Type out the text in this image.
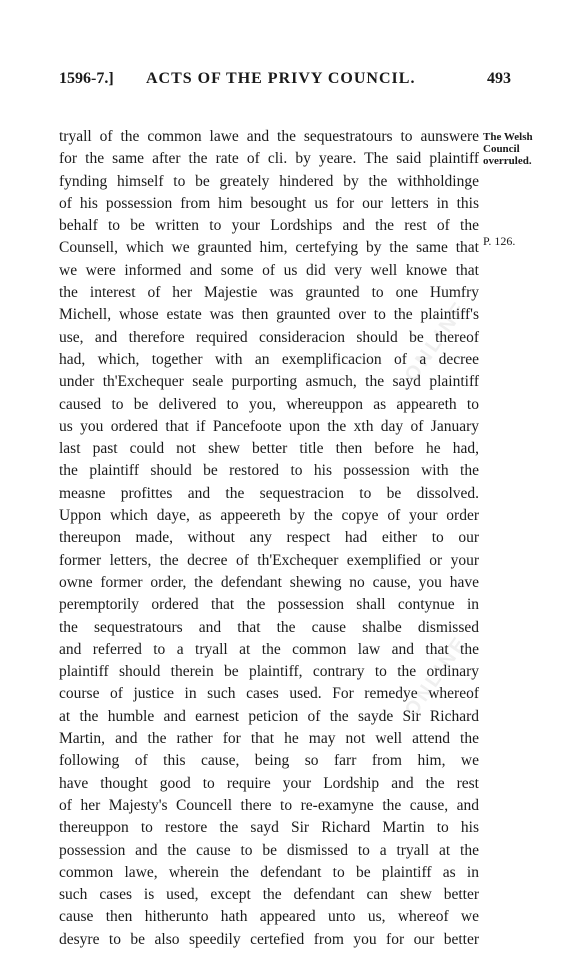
1596-7.] ACTS OF THE PRIVY COUNCIL.	493
ONLINE
ONLINE
The Welsh
Council
overruled.
P. 126.
tryall of the common lawe and the sequestratours to aunswere
for the same after the rate of cli. by yeare. The said plaintiff
fynding himself to be greately hindered by the withholdinge
of his possession from him besought us for our letters in this
behalf to be written to your Lordships and the rest of the
Counsell, which we graunted him, certefying by the same that
we were informed and some of us did very well knowe that
the interest of her Majestie was graunted to one Humfry
Michell, whose estate was then graunted over to the plaintiff's
use, and therefore required consideracion should be thereof
had, which, together with an exemplificacion of a decree
under th'Exchequer seale purporting asmuch, the sayd plaintiff
caused to be delivered to you, whereuppon as appeareth to
us you ordered that if Pancefoote upon the xth day of January
last past could not shew better title then before he had,
the plaintiff should be restored to his possession with the
measne profittes and the sequestracion to be dissolved.
Uppon which daye, as appeereth by the copye of your order
thereupon made, without any respect had either to our
former letters, the decree of th'Exchequer exemplified or your
owne former order, the defendant shewing no cause, you have
peremptorily ordered that the possession shall contynue in
the sequestratours and that the cause shalbe dismissed
and referred to a tryall at the common law and that the
plaintiff should therein be plaintiff, contrary to the ordinary
course of justice in such cases used. For remedye whereof
at the humble and earnest peticion of the sayde Sir Richard
Martin, and the rather for that he may not well attend the
following of this cause, being so farr from him, we
have thought good to require your Lordship and the rest
of her Majesty's Councell there to re-examyne the cause, and
thereuppon to restore the sayd Sir Richard Martin to his
possession and the cause to be dismissed to a tryall at the
common lawe, wherein the defendant to be plaintiff as in
such cases is used, except the defendant can shew better
cause then hitherunto hath appeared unto us, whereof we
desyre to be also speedily certefied from you for our better
